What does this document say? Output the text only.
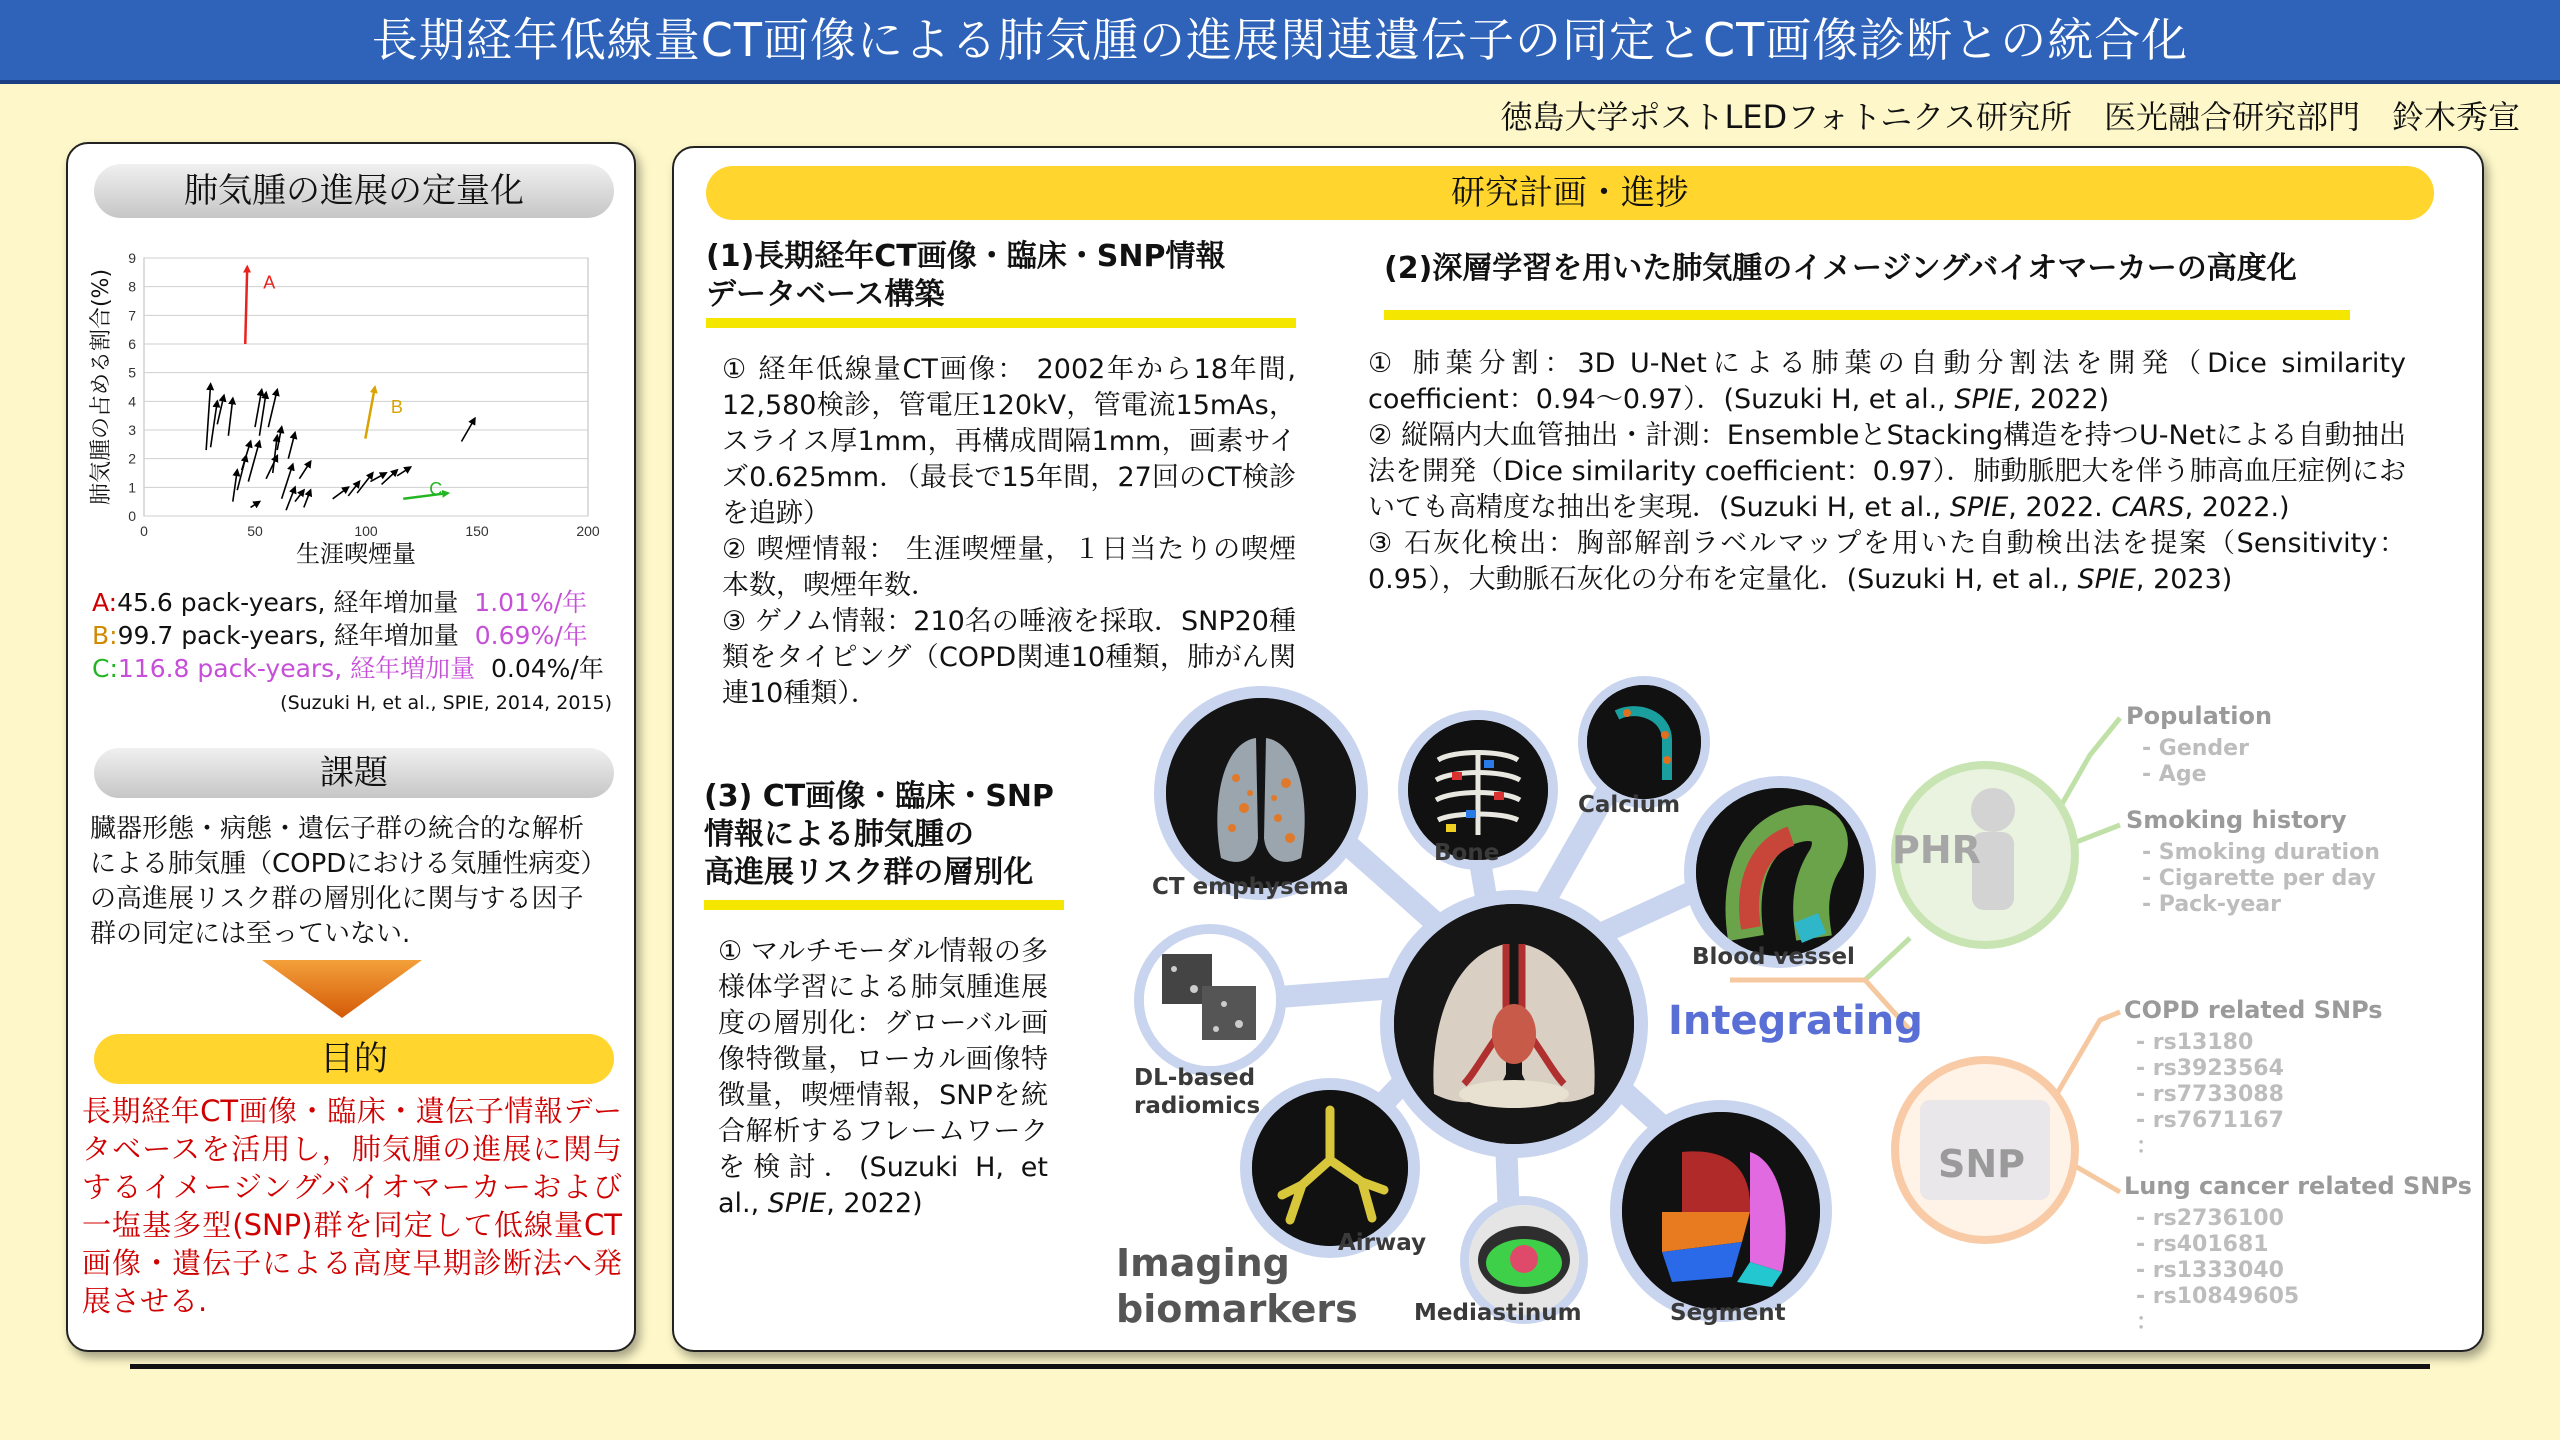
長期経年低線量CT画像による肺気腫の進展関連遺伝子の同定とCT画像診断との統合化
徳島大学ポストLEDフォトニクス研究所　医光融合研究部門　鈴木秀宣
肺気腫の進展の定量化
0
1
2
3
4
5
6
7
8
9
0	50	100	150	200
A
B
C
生涯喫煙量
肺気腫の占める割合(%)
A:45.6 pack-years, 経年増加量 1.01%/年
B:99.7 pack-years, 経年増加量 0.69%/年
C:116.8 pack-years, 経年増加量 0.04%/年
(Suzuki H, et al., SPIE, 2014, 2015)
課題
臓器形態・病態・遺伝子群の統合的な解析による肺気腫（COPDにおける気腫性病変）の高進展リスク群の層別化に関与する因子群の同定には至っていない.
目的
長期経年CT画像・臨床・遺伝子情報データベースを活用し，肺気腫の進展に関与するイメージングバイオマーカーおよび一塩基多型(SNP)群を同定して低線量CT画像・遺伝子による高度早期診断法へ発展させる.
研究計画・進捗
(1)長期経年CT画像・臨床・SNP情報
データベース構築
① 経年低線量CT画像： 2002年から18年間, 12,580検診，管電圧120kV，管電流15mAs，スライス厚1mm，再構成間隔1mm，画素サイズ0.625mm．（最長で15年間，27回のCT検診を追跡）
② 喫煙情報： 生涯喫煙量，１日当たりの喫煙本数，喫煙年数．
③ ゲノム情報：210名の唾液を採取．SNP20種類をタイピング（COPD関連10種類，肺がん関連10種類）．
(2)深層学習を用いた肺気腫のイメージングバイオマーカーの高度化
① 肺葉分割：3D U-Netによる肺葉の自動分割法を開発（Dice similarity coefficient：0.94～0.97）．(Suzuki H, et al., SPIE, 2022)
② 縦隔内大血管抽出・計測：EnsembleとStacking構造を持つU-Netによる自動抽出法を開発（Dice similarity coefficient：0.97）．肺動脈肥大を伴う肺高血圧症例においても高精度な抽出を実現．(Suzuki H, et al., SPIE, 2022. CARS, 2022.)
③ 石灰化検出：胸部解剖ラベルマップを用いた自動検出法を提案（Sensitivity：0.95），大動脈石灰化の分布を定量化．(Suzuki H, et al., SPIE, 2023)
(3) CT画像・臨床・SNP
情報による肺気腫の
高進展リスク群の層別化
① マルチモーダル情報の多様体学習による肺気腫進展度の層別化：グローバル画像特徴量，ローカル画像特徴量，喫煙情報，SNPを統合解析するフレームワークを検討．(Suzuki H, et al., SPIE, 2022)
CT emphysema
Bone
Calcium
Blood vessel
DL-based
radiomics
Airway
Mediastinum	Segment
Integrating
Imaging
biomarkers
PHR
Population
- Gender
- Age
Smoking history
- Smoking duration
- Cigarette per day
- Pack-year
SNP
COPD related SNPs
- rs13180
- rs3923564
- rs7733088
- rs7671167
：
Lung cancer related SNPs
- rs2736100
- rs401681
- rs1333040
- rs10849605
：
